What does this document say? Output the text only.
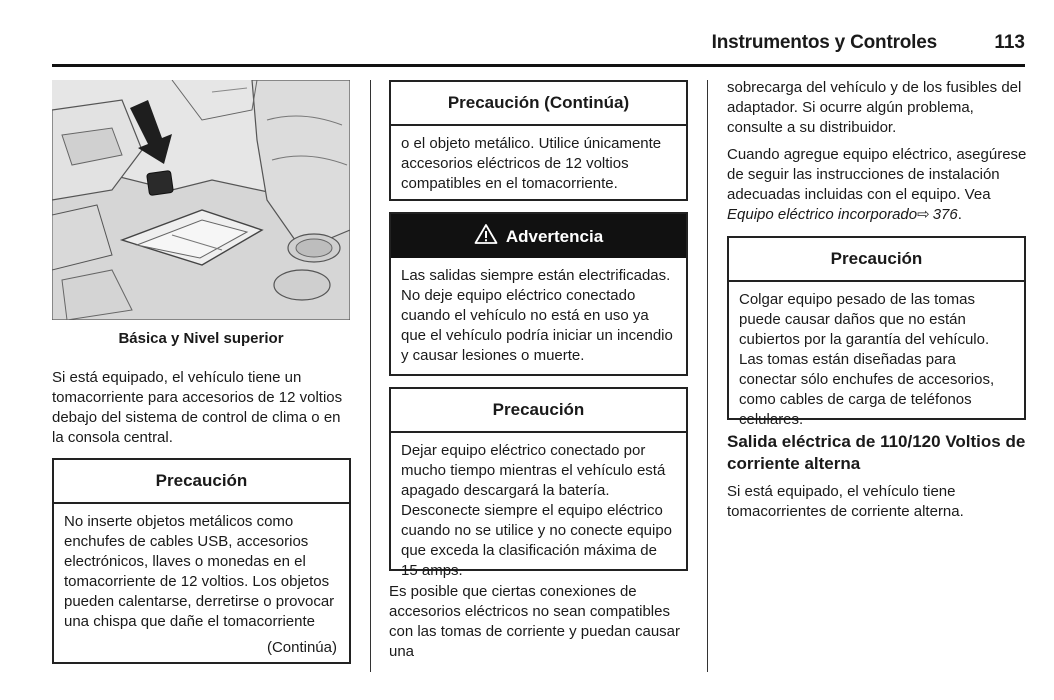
Instrumentos y Controles	113
Básica y Nivel superior

Si está equipado, el vehículo tiene un tomacorriente para accesorios de 12 voltios debajo del sistema de control de clima o en la consola central.

Precaución
No inserte objetos metálicos como enchufes de cables USB, accesorios electrónicos, llaves o monedas en el tomacorriente de 12 voltios. Los objetos pueden calentarse, derretirse o provocar una chispa que dañe el tomacorriente
(Continúa)
Precaución (Continúa)
o el objeto metálico. Utilice únicamente accesorios eléctricos de 12 voltios compatibles en el tomacorriente.
Advertencia
Las salidas siempre están electrificadas. No deje equipo eléctrico conectado cuando el vehículo no está en uso ya que el vehículo podría iniciar un incendio y causar lesiones o muerte.
Precaución
Dejar equipo eléctrico conectado por mucho tiempo mientras el vehículo está apagado descargará la batería. Desconecte siempre el equipo eléctrico cuando no se utilice y no conecte equipo que exceda la clasificación máxima de 15 amps.

Es posible que ciertas conexiones de accesorios eléctricos no sean compatibles con las tomas de corriente y puedan causar una

sobrecarga del vehículo y de los fusibles del adaptador. Si ocurre algún problema, consulte a su distribuidor.

Cuando agregue equipo eléctrico, asegúrese de seguir las instrucciones de instalación adecuadas incluidas con el equipo. Vea Equipo eléctrico incorporado⇨  376.

Precaución
Colgar equipo pesado de las tomas puede causar daños que no están cubiertos por la garantía del vehículo. Las tomas están diseñadas para conectar sólo enchufes de accesorios, como cables de carga de teléfonos celulares.
Salida eléctrica de 110/120 Voltios de corriente alterna

Si está equipado, el vehículo tiene tomacorrientes de corriente alterna.
